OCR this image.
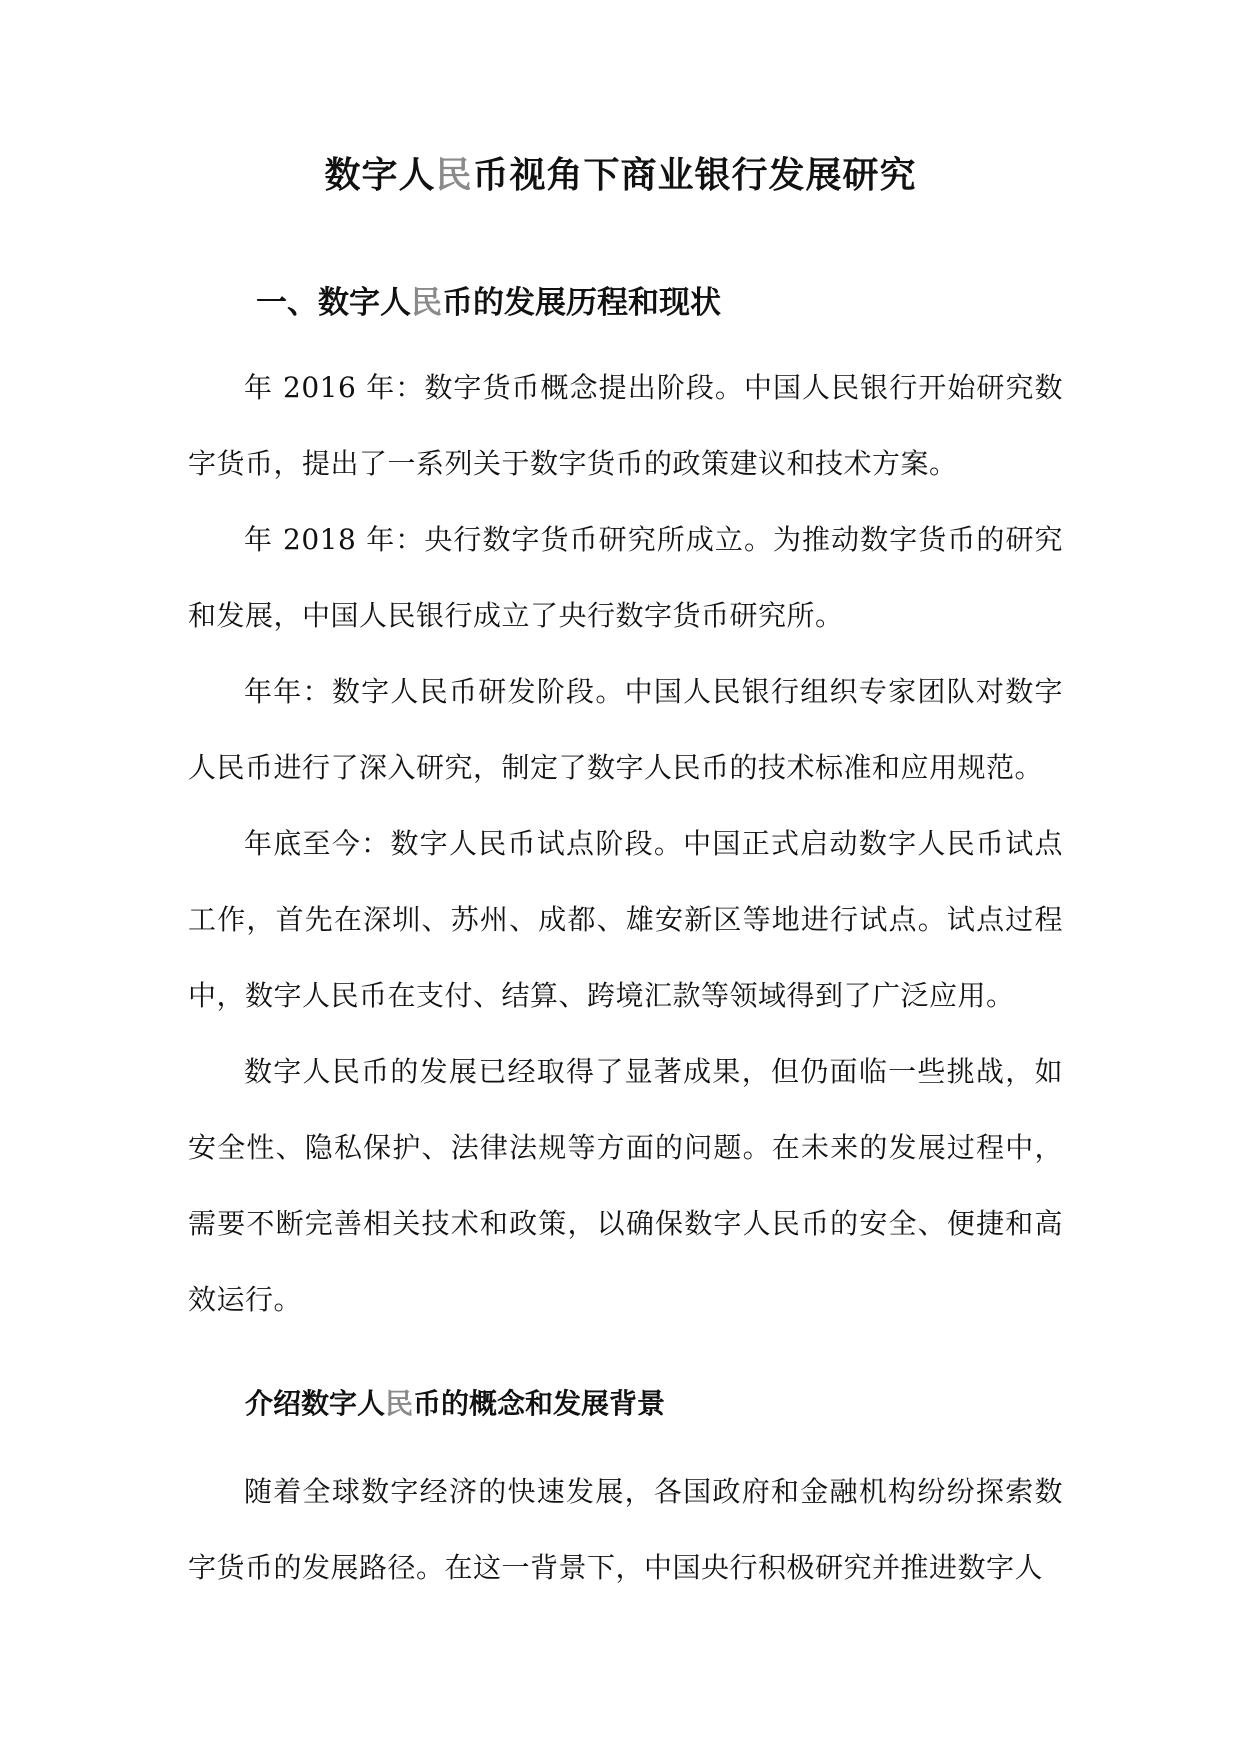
数字人民币视角下商业银行发展研究
一、数字人民币的发展历程和现状

年 2016 年：数字货币概念提出阶段。中国人民银行开始研究数字货币，提出了一系列关于数字货币的政策建议和技术方案。

年 2018 年：央行数字货币研究所成立。为推动数字货币的研究和发展，中国人民银行成立了央行数字货币研究所。

年年：数字人民币研发阶段。中国人民银行组织专家团队对数字人民币进行了深入研究，制定了数字人民币的技术标准和应用规范。

年底至今：数字人民币试点阶段。中国正式启动数字人民币试点工作，首先在深圳、苏州、成都、雄安新区等地进行试点。试点过程中，数字人民币在支付、结算、跨境汇款等领域得到了广泛应用。

数字人民币的发展已经取得了显著成果，但仍面临一些挑战，如安全性、隐私保护、法律法规等方面的问题。在未来的发展过程中，需要不断完善相关技术和政策，以确保数字人民币的安全、便捷和高效运行。

介绍数字人民币的概念和发展背景

随着全球数字经济的快速发展，各国政府和金融机构纷纷探索数字货币的发展路径。在这一背景下，中国央行积极研究并推进数字人
